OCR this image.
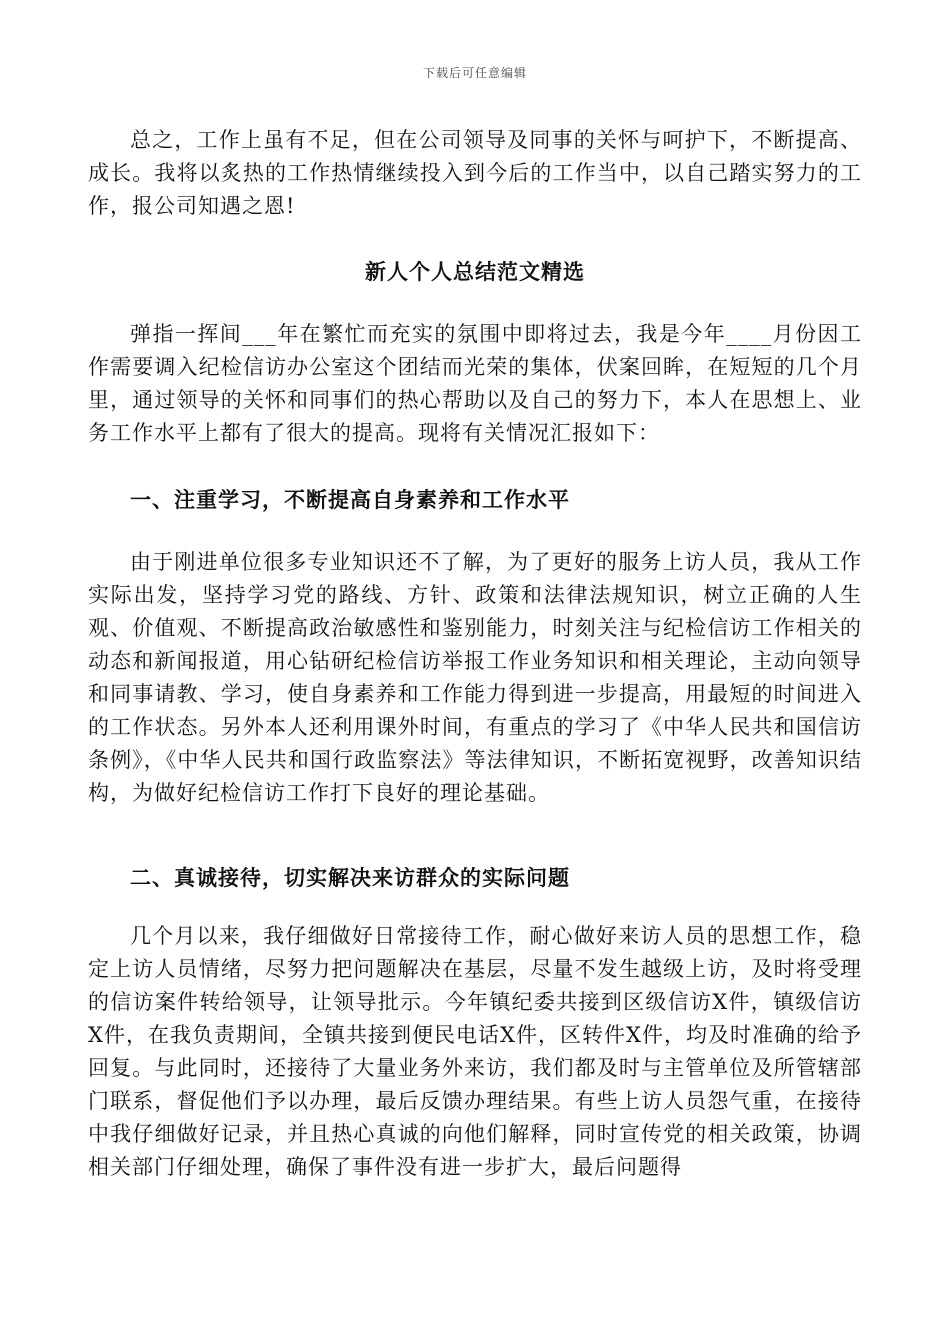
下载后可任意编辑

总之，工作上虽有不足，但在公司领导及同事的关怀与呵护下，不断提高、成长。我将以炙热的工作热情继续投入到今后的工作当中，以自己踏实努力的工作，报公司知遇之恩!

新人个人总结范文精选

弹指一挥间___年在繁忙而充实的氛围中即将过去，我是今年____月份因工作需要调入纪检信访办公室这个团结而光荣的集体，伏案回眸，在短短的几个月里，通过领导的关怀和同事们的热心帮助以及自己的努力下，本人在思想上、业务工作水平上都有了很大的提高。现将有关情况汇报如下：

一、注重学习，不断提高自身素养和工作水平

由于刚进单位很多专业知识还不了解，为了更好的服务上访人员，我从工作实际出发，坚持学习党的路线、方针、政策和法律法规知识，树立正确的人生观、价值观、不断提高政治敏感性和鉴别能力，时刻关注与纪检信访工作相关的动态和新闻报道，用心钻研纪检信访举报工作业务知识和相关理论，主动向领导和同事请教、学习，使自身素养和工作能力得到进一步提高，用最短的时间进入的工作状态。另外本人还利用课外时间，有重点的学习了《中华人民共和国信访条例》，《中华人民共和国行政监察法》等法律知识，不断拓宽视野，改善知识结构，为做好纪检信访工作打下良好的理论基础。

二、真诚接待，切实解决来访群众的实际问题

几个月以来，我仔细做好日常接待工作，耐心做好来访人员的思想工作，稳定上访人员情绪，尽努力把问题解决在基层，尽量不发生越级上访，及时将受理的信访案件转给领导，让领导批示。今年镇纪委共接到区级信访X件，镇级信访X件，在我负责期间，全镇共接到便民电话X件，区转件X件，均及时准确的给予回复。与此同时，还接待了大量业务外来访，我们都及时与主管单位及所管辖部门联系，督促他们予以办理，最后反馈办理结果。有些上访人员怨气重，在接待中我仔细做好记录，并且热心真诚的向他们解释，同时宣传党的相关政策，协调相关部门仔细处理，确保了事件没有进一步扩大，最后问题得
